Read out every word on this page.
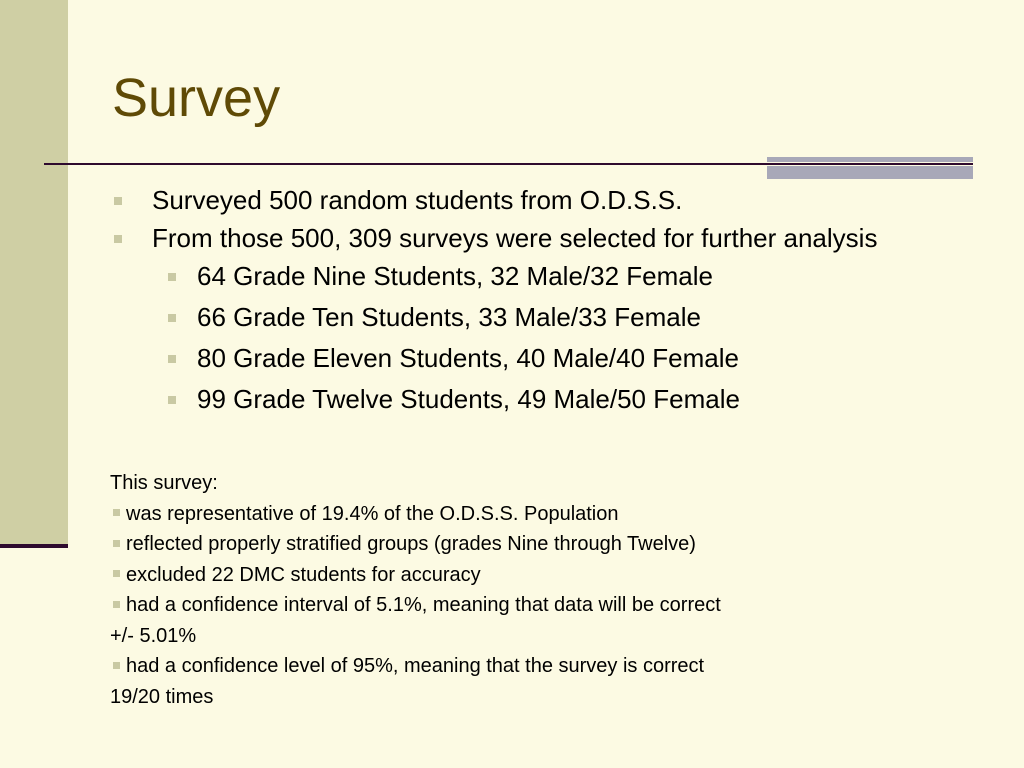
Survey
Surveyed 500 random students from O.D.S.S.
From those 500, 309 surveys were selected for further analysis
64 Grade Nine Students, 32 Male/32 Female
66 Grade Ten Students, 33 Male/33 Female
80 Grade Eleven Students, 40 Male/40 Female
99 Grade Twelve Students, 49 Male/50 Female
This survey:
was representative of 19.4% of the O.D.S.S. Population
reflected properly stratified groups (grades Nine through Twelve)
excluded 22 DMC students for accuracy
had a confidence interval of 5.1%, meaning that data will be correct
+/- 5.01%
had a confidence level of 95%, meaning that the survey is correct
19/20 times
